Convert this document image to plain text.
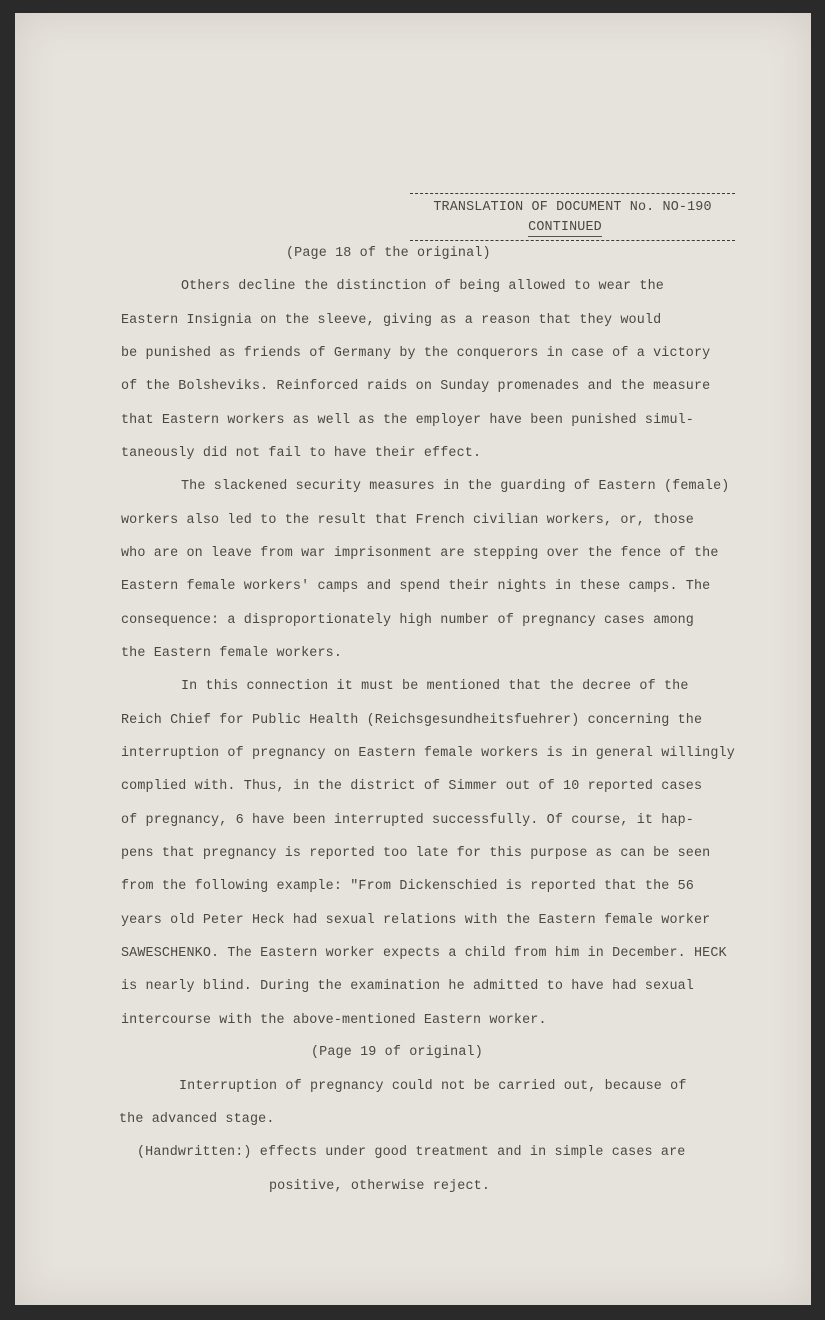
TRANSLATION OF DOCUMENT No. NO-190
CONTINUED
(Page 18 of the original)
Others decline the distinction of being allowed to wear the
Eastern Insignia on the sleeve, giving as a reason that they would
be punished as friends of Germany by the conquerors in case of a victory
of the Bolsheviks. Reinforced raids on Sunday promenades and the measure
that Eastern workers as well as the employer have been punished simul-
taneously did not fail to have their effect.
The slackened security measures in the guarding of Eastern (female)
workers also led to the result that French civilian workers, or, those
who are on leave from war imprisonment are stepping over the fence of the
Eastern female workers' camps and spend their nights in these camps. The
consequence: a disproportionately high number of pregnancy cases among
the Eastern female workers.
In this connection it must be mentioned that the decree of the
Reich Chief for Public Health (Reichsgesundheitsfuehrer) concerning the
interruption of pregnancy on Eastern female workers is in general willingly
complied with. Thus, in the district of Simmer out of 10 reported cases
of pregnancy, 6 have been interrupted successfully. Of course, it hap-
pens that pregnancy is reported too late for this purpose as can be seen
from the following example: "From Dickenschied is reported that the 56
years old Peter Heck had sexual relations with the Eastern female worker
SAWESCHENKO. The Eastern worker expects a child from him in December. HECK
is nearly blind. During the examination he admitted to have had sexual
intercourse with the above-mentioned Eastern worker.
(Page 19 of original)
Interruption of pregnancy could not be carried out, because of
the advanced stage.
(Handwritten:) effects under good treatment and in simple cases are
positive, otherwise reject.
